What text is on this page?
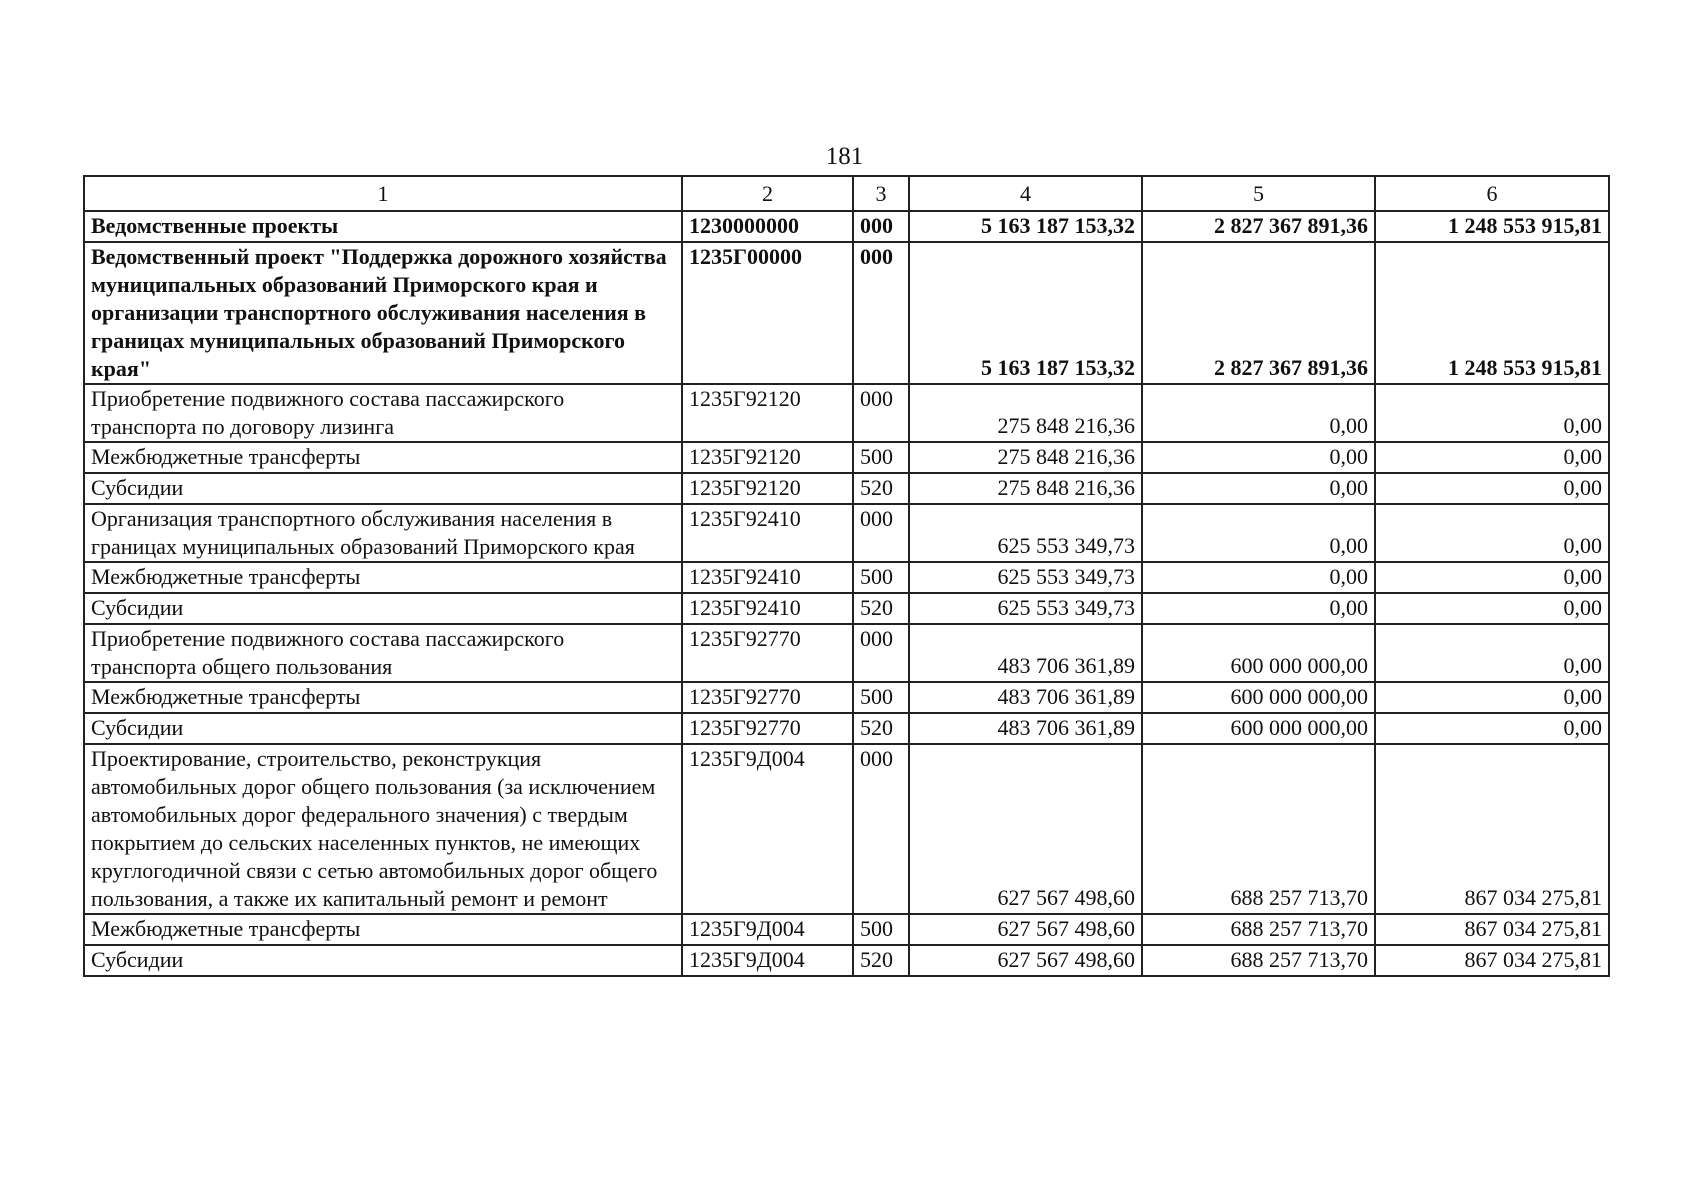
181
1	2	3	4	5	6
Ведомственные проекты	1230000000	000	5 163 187 153,32	2 827 367 891,36	1 248 553 915,81
Ведомственный проект "Поддержка дорожного хозяйства муниципальных образований Приморского края и организации транспортного обслуживания населения в границах муниципальных образований Приморского края"	1235Г00000	000	5 163 187 153,32	2 827 367 891,36	1 248 553 915,81
Приобретение подвижного состава пассажирского транспорта по договору лизинга	1235Г92120	000	275 848 216,36	0,00	0,00
Межбюджетные трансферты	1235Г92120	500	275 848 216,36	0,00	0,00
Субсидии	1235Г92120	520	275 848 216,36	0,00	0,00
Организация транспортного обслуживания населения в границах муниципальных образований Приморского края	1235Г92410	000	625 553 349,73	0,00	0,00
Межбюджетные трансферты	1235Г92410	500	625 553 349,73	0,00	0,00
Субсидии	1235Г92410	520	625 553 349,73	0,00	0,00
Приобретение подвижного состава пассажирского транспорта общего пользования	1235Г92770	000	483 706 361,89	600 000 000,00	0,00
Межбюджетные трансферты	1235Г92770	500	483 706 361,89	600 000 000,00	0,00
Субсидии	1235Г92770	520	483 706 361,89	600 000 000,00	0,00
Проектирование, строительство, реконструкция автомобильных дорог общего пользования (за исключением автомобильных дорог федерального значения) с твердым покрытием до сельских населенных пунктов, не имеющих круглогодичной связи с сетью автомобильных дорог общего пользования, а также их капитальный ремонт и ремонт	1235Г9Д004	000	627 567 498,60	688 257 713,70	867 034 275,81
Межбюджетные трансферты	1235Г9Д004	500	627 567 498,60	688 257 713,70	867 034 275,81
Субсидии	1235Г9Д004	520	627 567 498,60	688 257 713,70	867 034 275,81
